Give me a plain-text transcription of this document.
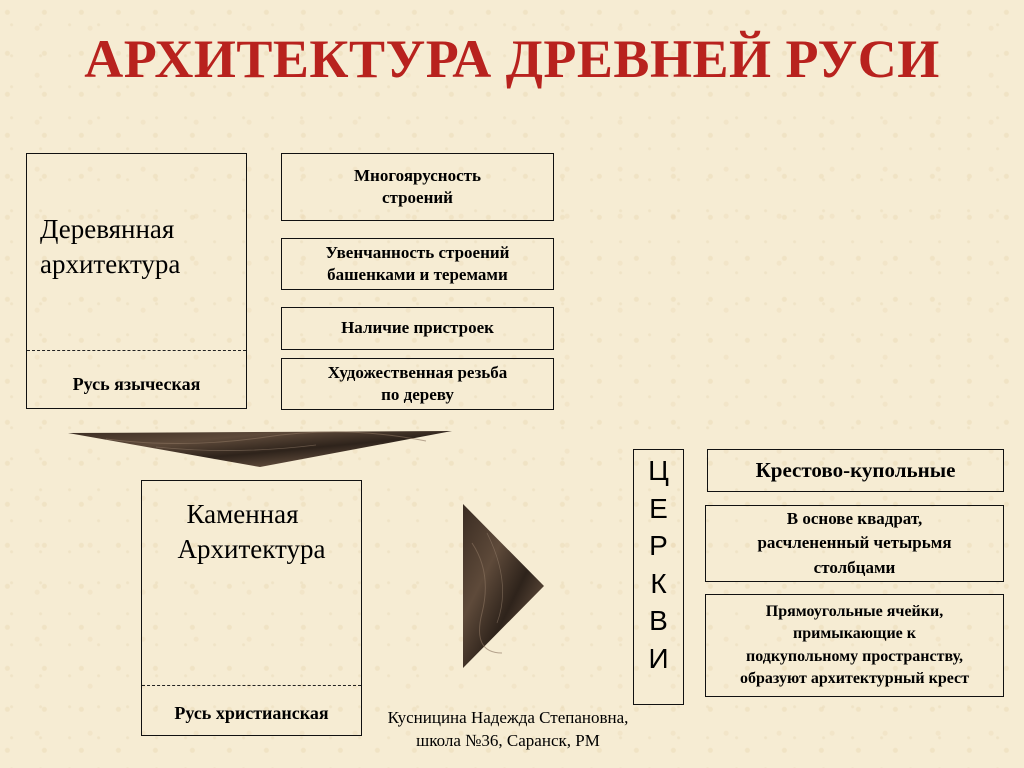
АРХИТЕКТУРА ДРЕВНЕЙ РУСИ
Деревянная
архитектура
Русь языческая
Многоярусность
строений
Увенчанность строений
башенками и теремами
Наличие пристроек
Художественная резьба
по дереву
Каменная
Архитектура
Русь христианская
Ц
Е
Р
К
В
И
Крестово-купольные
В основе квадрат,
расчлененный четырьмя
столбцами
Прямоугольные ячейки,
примыкающие к
подкупольному пространству,
образуют архитектурный крест
Кусницина Надежда Степановна,
школа №36, Саранск, РМ
